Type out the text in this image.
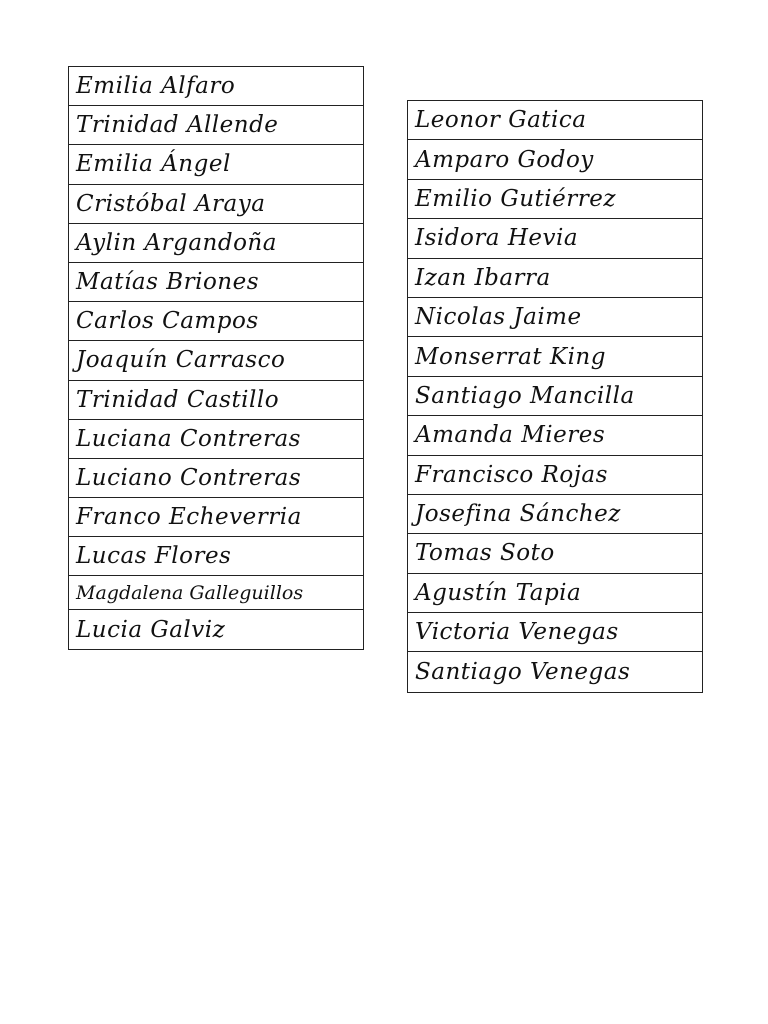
Emilia Alfaro
Trinidad Allende
Emilia Ángel
Cristóbal Araya
Aylin Argandoña
Matías Briones
Carlos Campos
Joaquín Carrasco
Trinidad Castillo
Luciana Contreras
Luciano Contreras
Franco Echeverria
Lucas Flores
Magdalena Galleguillos
Lucia Galviz
Leonor Gatica
Amparo Godoy
Emilio Gutiérrez
Isidora Hevia
Izan Ibarra
Nicolas Jaime
Monserrat King
Santiago Mancilla
Amanda Mieres
Francisco Rojas
Josefina Sánchez
Tomas Soto
Agustín Tapia
Victoria Venegas
Santiago Venegas
